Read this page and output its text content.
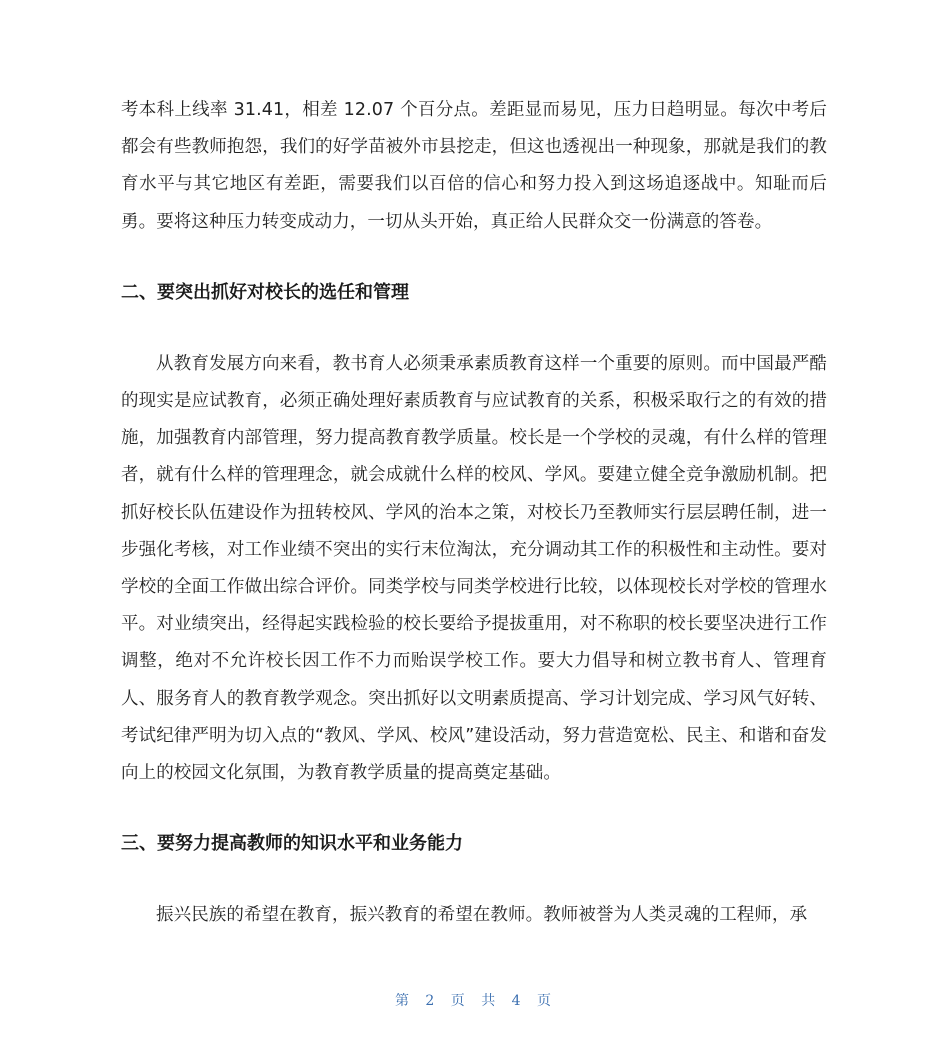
考本科上线率 31.41，相差 12.07 个百分点。差距显而易见，压力日趋明显。每次中考后都会有些教师抱怨，我们的好学苗被外市县挖走，但这也透视出一种现象，那就是我们的教育水平与其它地区有差距，需要我们以百倍的信心和努力投入到这场追逐战中。知耻而后勇。要将这种压力转变成动力，一切从头开始，真正给人民群众交一份满意的答卷。

二、要突出抓好对校长的选任和管理

从教育发展方向来看，教书育人必须秉承素质教育这样一个重要的原则。而中国最严酷的现实是应试教育，必须正确处理好素质教育与应试教育的关系，积极采取行之的有效的措施，加强教育内部管理，努力提高教育教学质量。校长是一个学校的灵魂，有什么样的管理者，就有什么样的管理理念，就会成就什么样的校风、学风。要建立健全竞争激励机制。把抓好校长队伍建设作为扭转校风、学风的治本之策，对校长乃至教师实行层层聘任制，进一步强化考核，对工作业绩不突出的实行末位淘汰，充分调动其工作的积极性和主动性。要对学校的全面工作做出综合评价。同类学校与同类学校进行比较，以体现校长对学校的管理水平。对业绩突出，经得起实践检验的校长要给予提拔重用，对不称职的校长要坚决进行工作调整，绝对不允许校长因工作不力而贻误学校工作。要大力倡导和树立教书育人、管理育人、服务育人的教育教学观念。突出抓好以文明素质提高、学习计划完成、学习风气好转、考试纪律严明为切入点的“教风、学风、校风”建设活动，努力营造宽松、民主、和谐和奋发向上的校园文化氛围，为教育教学质量的提高奠定基础。

三、要努力提高教师的知识水平和业务能力

振兴民族的希望在教育，振兴教育的希望在教师。教师被誉为人类灵魂的工程师，承

第 2 页 共 4 页
